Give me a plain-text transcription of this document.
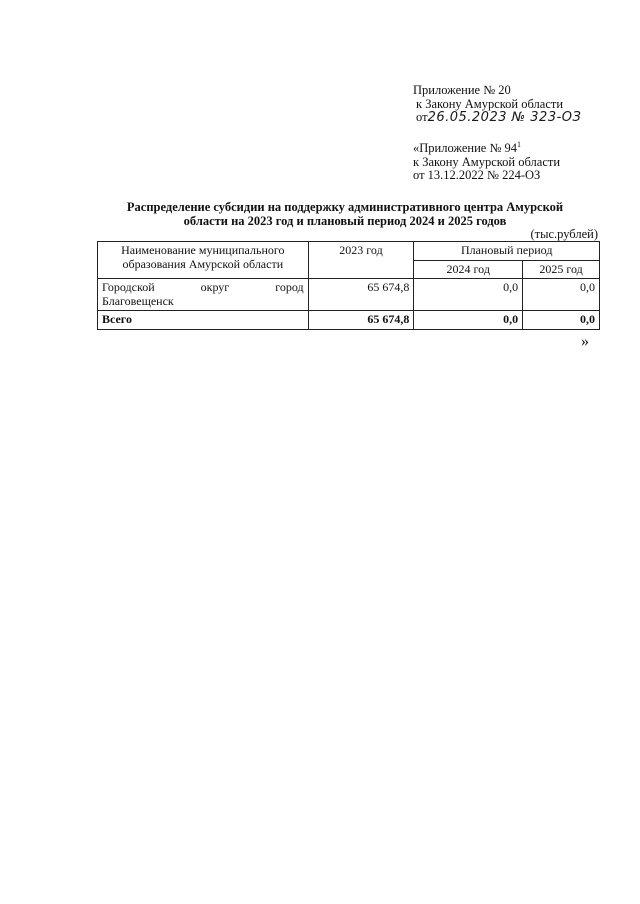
Приложение № 20
к Закону Амурской области
от26.05.2023 № 323-ОЗ
«Приложение № $94^1$
к Закону Амурской области
от 13.12.2022 № 224-ОЗ
Распределение субсидии на поддержку административного центра Амурской
области на 2023 год и плановый период 2024 и 2025 годов
(тыс.рублей)
Наименование муниципального образования Амурской области	2023 год	Плановый период	
		2024 год	2025 год

Городской округ город
Благовещенск	65 674,8	0,0	0,0
Всего	65 674,8	0,0	0,0
»
